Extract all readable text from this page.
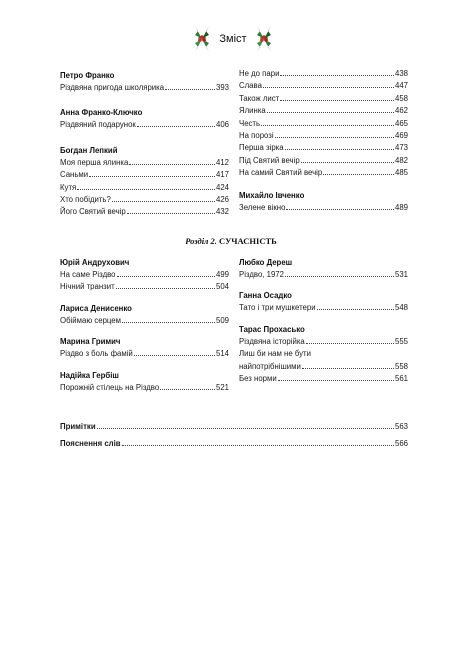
Зміст
Петро Франко
Різдвяна пригода школярика	393
Анна Франко-Ключко
Різдвяний подарунок	406
Богдан Лепкий
Моя перша ялинка	412
Саньми	417
Кутя	424
Хто побідить?	426
Його Святий вечір	432
Не до пари	438
Слава	447
Також лист	458
Ялинка	462
Честь	465
На порозі	469
Перша зірка	473
Під Святий вечір	482
На самий Святий вечір	485
Михайло Івченко
Зелене вікно	489
Розділ 2. СУЧАСНІСТЬ
Юрій Андрухович
На саме Різдво	499
Нічний транзит	504
Лариса Денисенко
Обіймаю серцем	509
Марина Гримич
Різдво з боль фамій	514
Надійка Гербіш
Порожній стілець на Різдво	521
Любко Дереш
Різдво, 1972	531
Ганна Осадко
Тато і три мушкетери	548
Тарас Прохасько
Різдвяна історійка	555
Лиш би нам не бути
найпотрібнішими	558
Без норми	561
Примітки	563
Пояснення слів	566
